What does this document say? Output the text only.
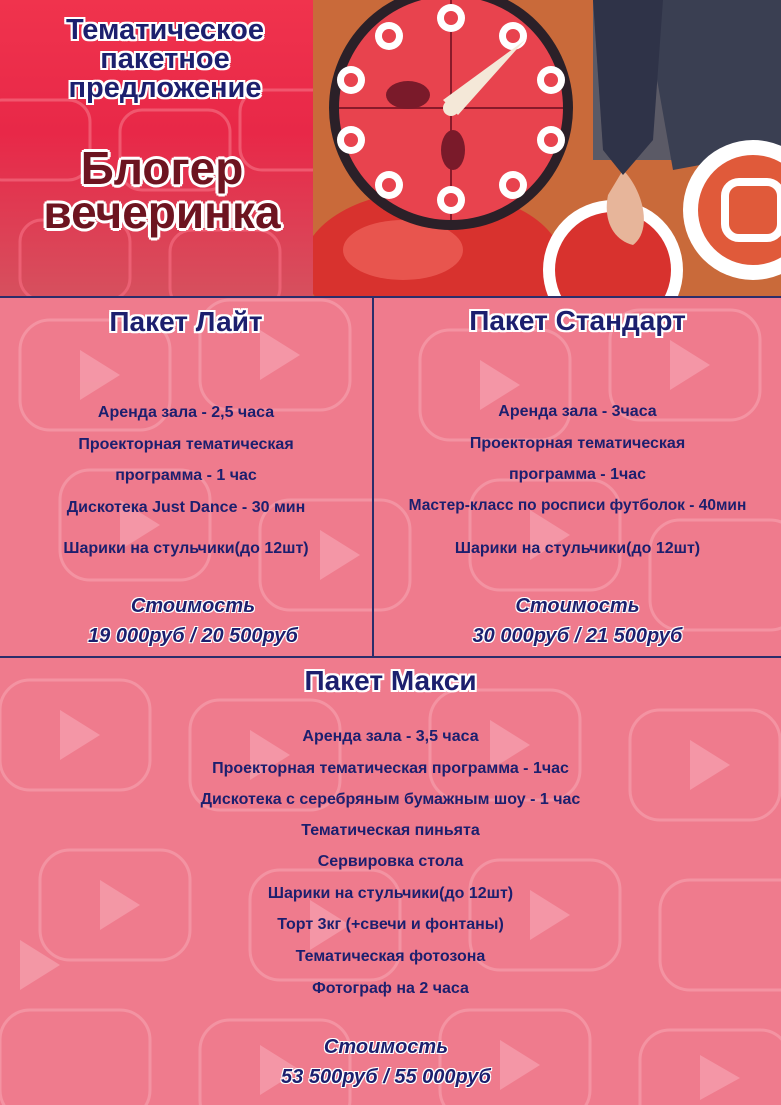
Тематическое
пакетное
предложение
Блогер
вечеринка
Пакет Лайт
Аренда зала - 2,5 часа
Проекторная тематическая
программа - 1 час
Дискотека Just Dance - 30 мин
Шарики на стульчики(до 12шт)
Стоимость
19 000руб / 20 500руб
Пакет Стандарт
Аренда зала - 3часа
Проекторная тематическая
программа - 1час
Мастер-класс по росписи футболок - 40мин
Шарики на стульчики(до 12шт)
Стоимость
30 000руб / 21 500руб
Пакет Макси
Аренда зала - 3,5 часа
Проекторная тематическая программа - 1час
Дискотека с серебряным бумажным шоу - 1 час
Тематическая пиньята
Сервировка стола
Шарики на стульчики(до 12шт)
Торт 3кг (+свечи и фонтаны)
Тематическая фотозона
Фотограф на 2 часа
Стоимость
53 500руб / 55 000руб
